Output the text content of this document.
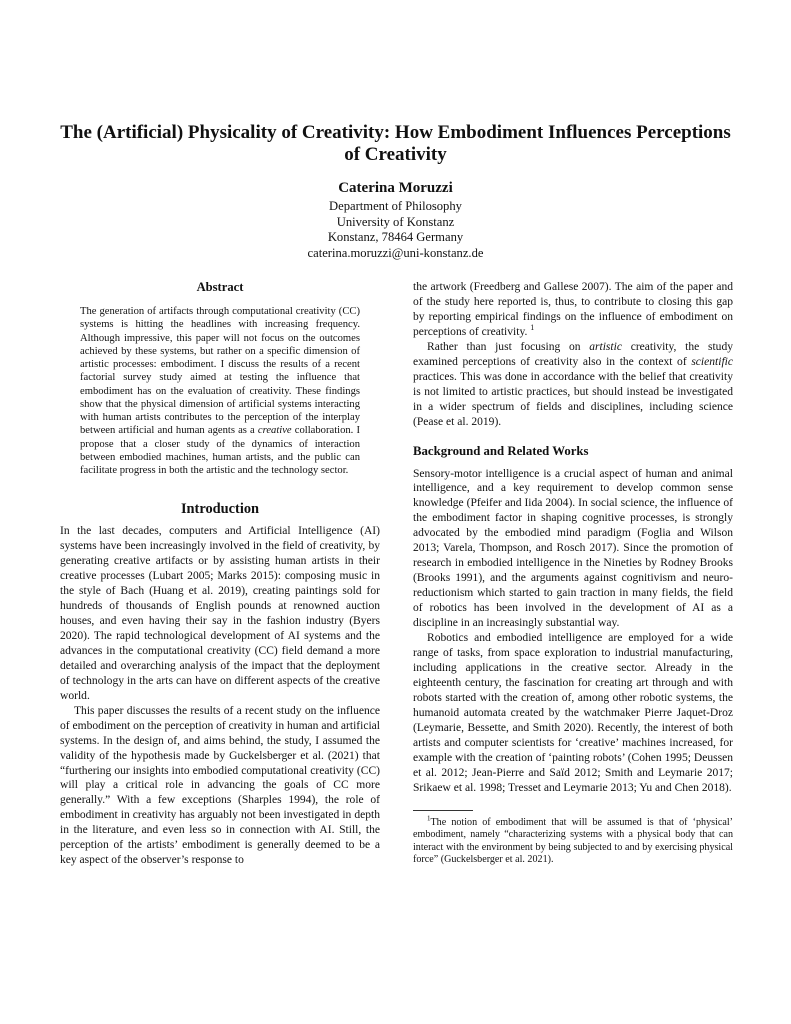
The (Artificial) Physicality of Creativity: How Embodiment Influences Perceptions of Creativity
Caterina Moruzzi
Department of Philosophy
University of Konstanz
Konstanz, 78464 Germany
caterina.moruzzi@uni-konstanz.de
Abstract

The generation of artifacts through computational creativity (CC) systems is hitting the headlines with increasing frequency. Although impressive, this paper will not focus on the outcomes achieved by these systems, but rather on a specific dimension of artistic processes: embodiment. I discuss the results of a recent factorial survey study aimed at testing the influence that embodiment has on the evaluation of creativity. These findings show that the physical dimension of artificial systems interacting with human artists contributes to the perception of the interplay between artificial and human agents as a creative collaboration. I propose that a closer study of the dynamics of interaction between embodied machines, human artists, and the public can facilitate progress in both the artistic and the technology sector.

Introduction

In the last decades, computers and Artificial Intelligence (AI) systems have been increasingly involved in the field of creativity, by generating creative artifacts or by assisting human artists in their creative processes (Lubart 2005; Marks 2015): composing music in the style of Bach (Huang et al. 2019), creating paintings sold for hundreds of thousands of English pounds at renowned auction houses, and even having their say in the fashion industry (Byers 2020). The rapid technological development of AI systems and the advances in the computational creativity (CC) field demand a more detailed and overarching analysis of the impact that the deployment of technology in the arts can have on different aspects of the creative world.

This paper discusses the results of a recent study on the influence of embodiment on the perception of creativity in human and artificial systems. In the design of, and aims behind, the study, I assumed the validity of the hypothesis made by Guckelsberger et al. (2021) that “furthering our insights into embodied computational creativity (CC) will play a critical role in advancing the goals of CC more generally.” With a few exceptions (Sharples 1994), the role of embodiment in creativity has arguably not been investigated in depth in the literature, and even less so in connection with AI. Still, the perception of the artists’ embodiment is generally deemed to be a key aspect of the observer’s response to

the artwork (Freedberg and Gallese 2007). The aim of the paper and of the study here reported is, thus, to contribute to closing this gap by reporting empirical findings on the influence of embodiment on perceptions of creativity. $^1$

Rather than just focusing on artistic creativity, the study examined perceptions of creativity also in the context of scientific practices. This was done in accordance with the belief that creativity is not limited to artistic practices, but should instead be investigated in a wider spectrum of fields and disciplines, including science (Pease et al. 2019).

Background and Related Works

Sensory-motor intelligence is a crucial aspect of human and animal intelligence, and a key requirement to develop common sense knowledge (Pfeifer and Iida 2004). In social science, the influence of the embodiment factor in shaping cognitive processes, is strongly advocated by the embodied mind paradigm (Foglia and Wilson 2013; Varela, Thompson, and Rosch 2017). Since the promotion of research in embodied intelligence in the Nineties by Rodney Brooks (Brooks 1991), and the arguments against cognitivism and neuro-reductionism which started to gain traction in many fields, the field of robotics has been involved in the development of AI as a discipline in an increasingly substantial way.

Robotics and embodied intelligence are employed for a wide range of tasks, from space exploration to industrial manufacturing, including applications in the creative sector. Already in the eighteenth century, the fascination for creating art through and with robots started with the creation of, among other robotic systems, the humanoid automata created by the watchmaker Pierre Jaquet-Droz (Leymarie, Bessette, and Smith 2020). Recently, the interest of both artists and computer scientists for ‘creative’ machines increased, for example with the creation of ‘painting robots’ (Cohen 1995; Deussen et al. 2012; Jean-Pierre and Saïd 2012; Smith and Leymarie 2017; Srikaew et al. 1998; Tresset and Leymarie 2013; Yu and Chen 2018).

$^1$The notion of embodiment that will be assumed is that of ‘physical’ embodiment, namely “characterizing systems with a physical body that can interact with the environment by being subjected to and by exercising physical force” (Guckelsberger et al. 2021).
